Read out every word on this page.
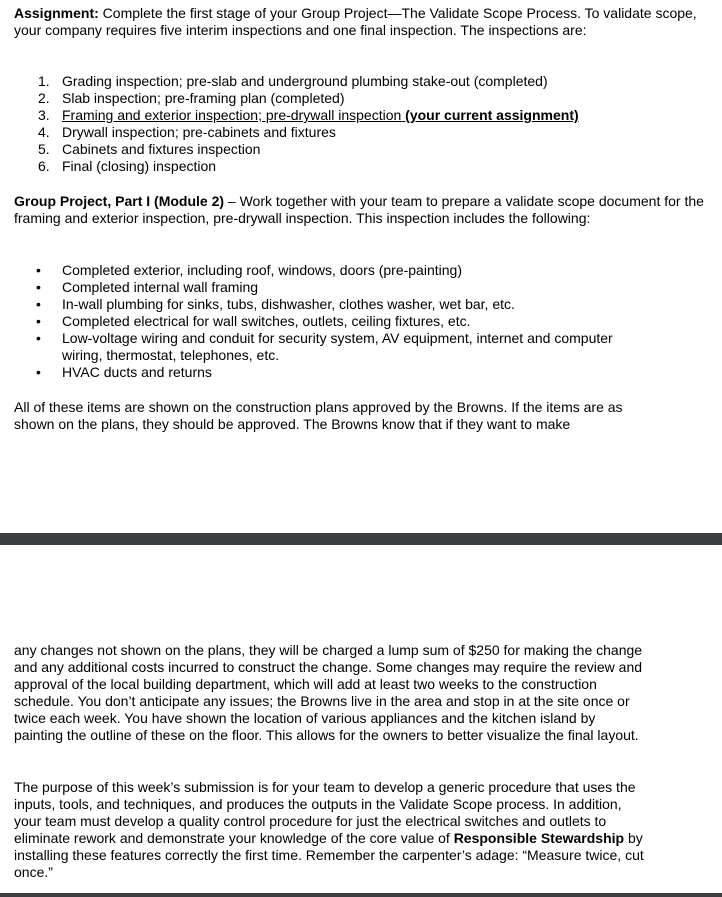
Assignment: Complete the first stage of your Group Project—The Validate Scope Process. To validate scope, your company requires five interim inspections and one final inspection. The inspections are:

1. Grading inspection; pre-slab and underground plumbing stake-out (completed)
2. Slab inspection; pre-framing plan (completed)
3. Framing and exterior inspection; pre-drywall inspection (your current assignment)
4. Drywall inspection; pre-cabinets and fixtures
5. Cabinets and fixtures inspection
6. Final (closing) inspection

Group Project, Part I (Module 2) – Work together with your team to prepare a validate scope document for the framing and exterior inspection, pre-drywall inspection. This inspection includes the following:

• Completed exterior, including roof, windows, doors (pre-painting)
• Completed internal wall framing
• In-wall plumbing for sinks, tubs, dishwasher, clothes washer, wet bar, etc.
• Completed electrical for wall switches, outlets, ceiling fixtures, etc.
• Low-voltage wiring and conduit for security system, AV equipment, internet and computer wiring, thermostat, telephones, etc.
• HVAC ducts and returns

All of these items are shown on the construction plans approved by the Browns. If the items are as shown on the plans, they should be approved. The Browns know that if they want to make

any changes not shown on the plans, they will be charged a lump sum of $250 for making the change and any additional costs incurred to construct the change. Some changes may require the review and approval of the local building department, which will add at least two weeks to the construction schedule. You don’t anticipate any issues; the Browns live in the area and stop in at the site once or twice each week. You have shown the location of various appliances and the kitchen island by painting the outline of these on the floor. This allows for the owners to better visualize the final layout.

The purpose of this week’s submission is for your team to develop a generic procedure that uses the inputs, tools, and techniques, and produces the outputs in the Validate Scope process. In addition, your team must develop a quality control procedure for just the electrical switches and outlets to eliminate rework and demonstrate your knowledge of the core value of Responsible Stewardship by installing these features correctly the first time. Remember the carpenter’s adage: “Measure twice, cut once.”
